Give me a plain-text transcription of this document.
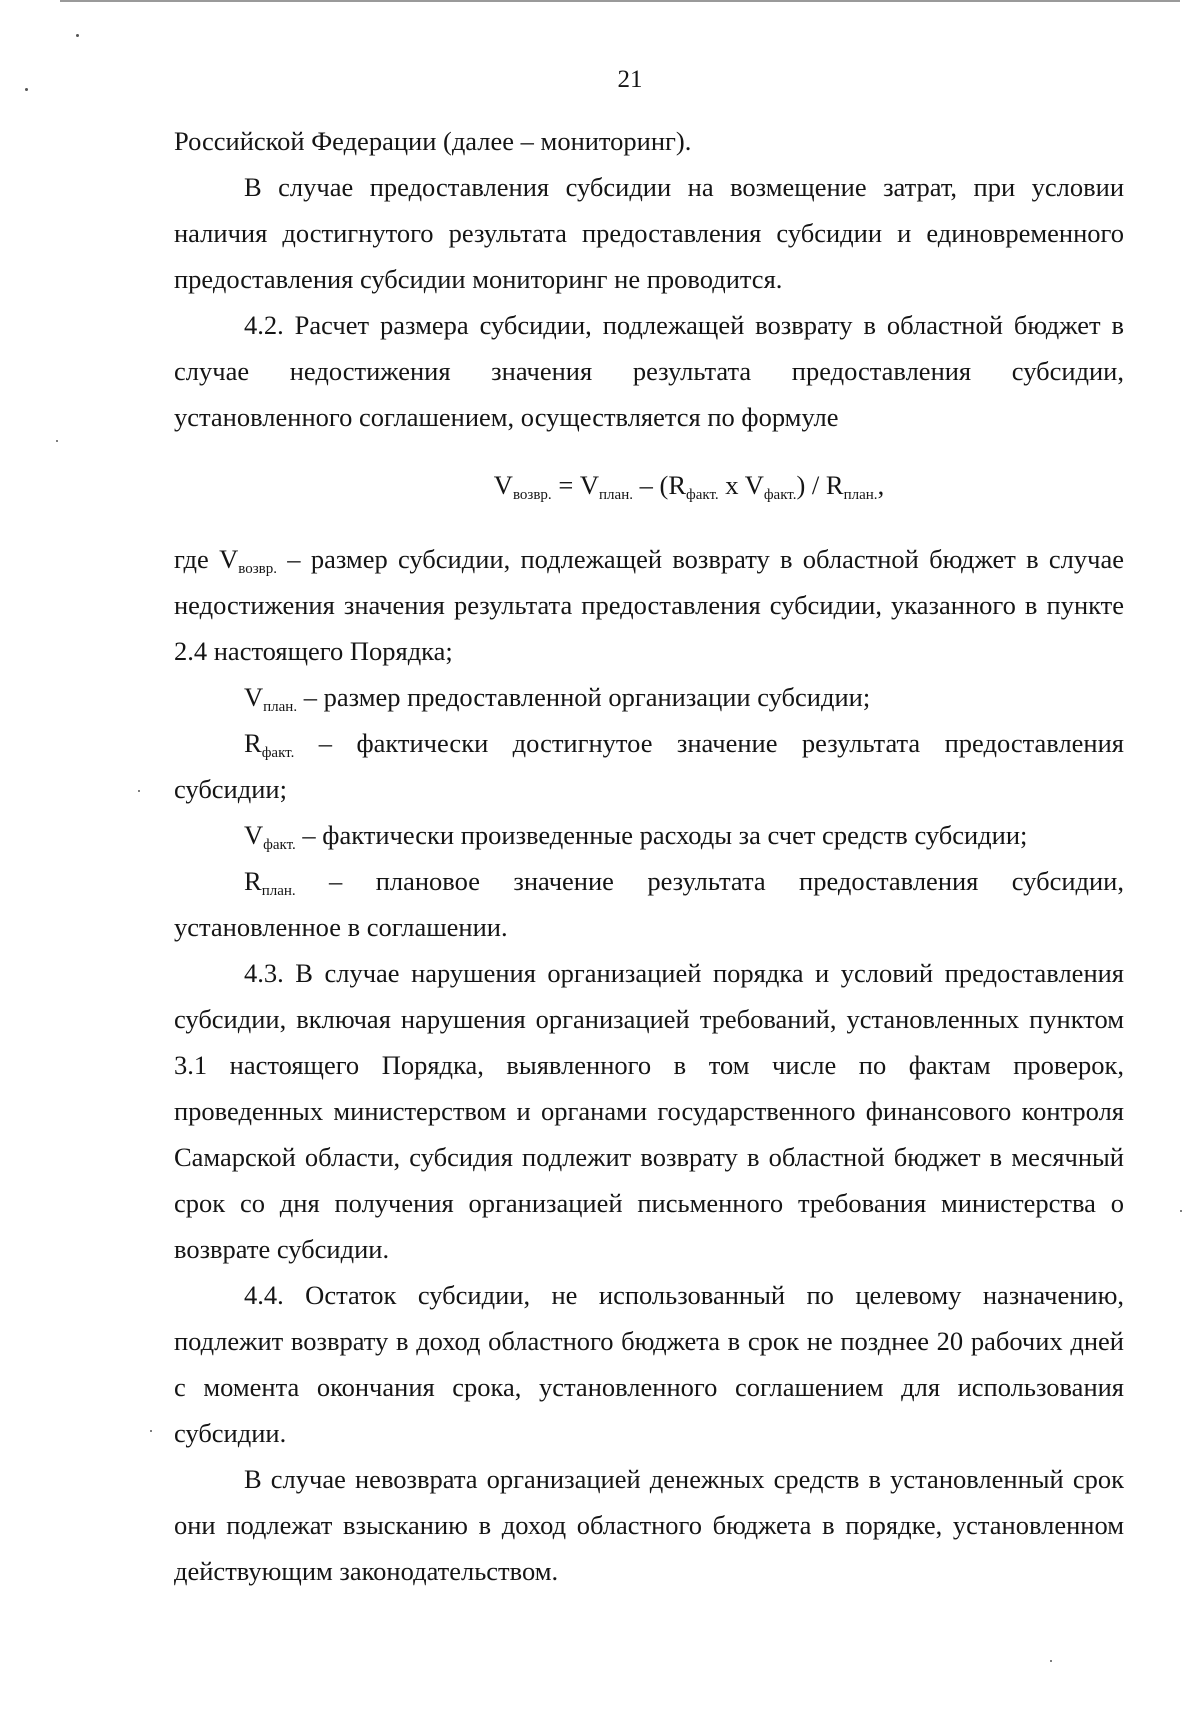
21

Российской Федерации (далее – мониторинг).

В случае предоставления субсидии на возмещение затрат, при условии наличия достигнутого результата предоставления субсидии и единовременного предоставления субсидии мониторинг не проводится.

4.2. Расчет размера субсидии, подлежащей возврату в областной бюджет в случае недостижения значения результата предоставления субсидии, установленного соглашением, осуществляется по формуле

$V_{возвр.} = V_{план.} - (R_{факт.}$ x $V_{факт.}) / R_{план.}$,

где $V_{возвр.}$ – размер субсидии, подлежащей возврату в областной бюджет в случае недостижения значения результата предоставления субсидии, указанного в пункте 2.4 настоящего Порядка;

$V_{план.}$ – размер предоставленной организации субсидии;

$R_{факт.}$ – фактически достигнутое значение результата предоставления субсидии;

$V_{факт.}$ – фактически произведенные расходы за счет средств субсидии;

$R_{план.}$ – плановое значение результата предоставления субсидии, установленное в соглашении.

4.3. В случае нарушения организацией порядка и условий предоставления субсидии, включая нарушения организацией требований, установленных пунктом 3.1 настоящего Порядка, выявленного в том числе по фактам проверок, проведенных министерством и органами государственного финансового контроля Самарской области, субсидия подлежит возврату в областной бюджет в месячный срок со дня получения организацией письменного требования министерства о возврате субсидии.

4.4. Остаток субсидии, не использованный по целевому назначению, подлежит возврату в доход областного бюджета в срок не позднее 20 рабочих дней с момента окончания срока, установленного соглашением для использования субсидии.

В случае невозврата организацией денежных средств в установленный срок они подлежат взысканию в доход областного бюджета в порядке, установленном действующим законодательством.
